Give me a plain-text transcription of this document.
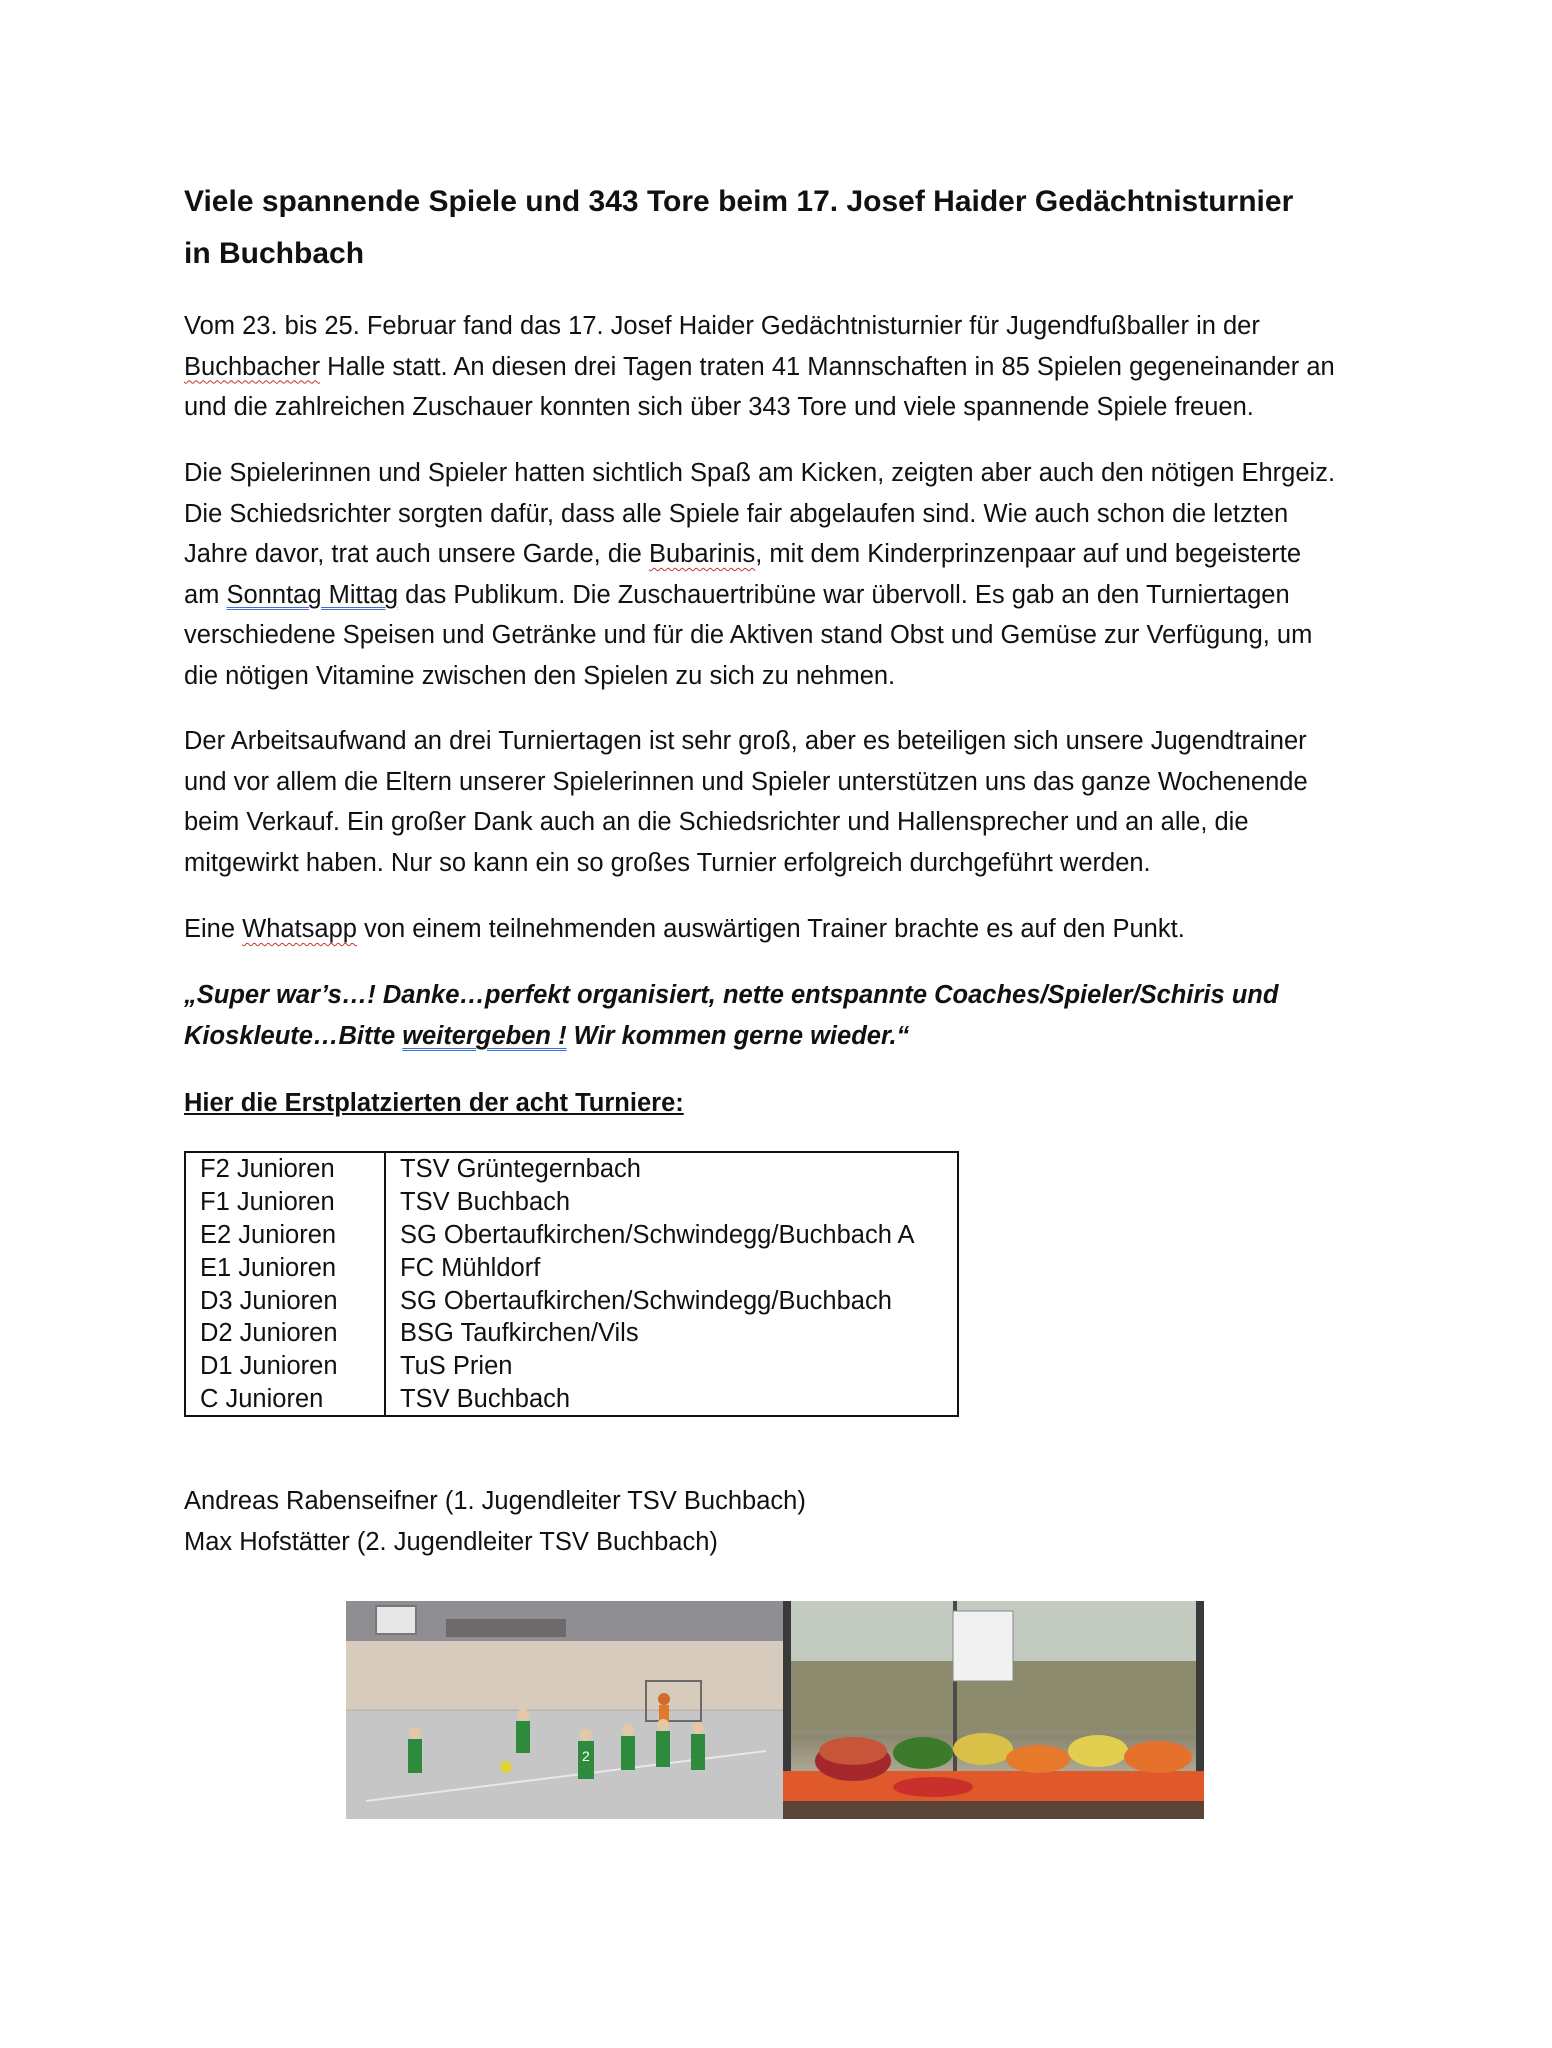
Viele spannende Spiele und 343 Tore beim 17. Josef Haider Gedächtnisturnier
in Buchbach

Vom 23. bis 25. Februar fand das 17. Josef Haider Gedächtnisturnier für Jugendfußballer in der
Buchbacher Halle statt. An diesen drei Tagen traten 41 Mannschaften in 85 Spielen gegeneinander an
und die zahlreichen Zuschauer konnten sich über 343 Tore und viele spannende Spiele freuen.

Die Spielerinnen und Spieler hatten sichtlich Spaß am Kicken, zeigten aber auch den nötigen Ehrgeiz.
Die Schiedsrichter sorgten dafür, dass alle Spiele fair abgelaufen sind. Wie auch schon die letzten
Jahre davor, trat auch unsere Garde, die Bubarinis, mit dem Kinderprinzenpaar auf und begeisterte
am Sonntag Mittag das Publikum. Die Zuschauertribüne war übervoll. Es gab an den Turniertagen
verschiedene Speisen und Getränke und für die Aktiven stand Obst und Gemüse zur Verfügung, um
die nötigen Vitamine zwischen den Spielen zu sich zu nehmen.

Der Arbeitsaufwand an drei Turniertagen ist sehr groß, aber es beteiligen sich unsere Jugendtrainer
und vor allem die Eltern unserer Spielerinnen und Spieler unterstützen uns das ganze Wochenende
beim Verkauf. Ein großer Dank auch an die Schiedsrichter und Hallensprecher und an alle, die
mitgewirkt haben. Nur so kann ein so großes Turnier erfolgreich durchgeführt werden.

Eine Whatsapp von einem teilnehmenden auswärtigen Trainer brachte es auf den Punkt.

„Super war’s…! Danke…perfekt organisiert, nette entspannte Coaches/Spieler/Schiris und
Kioskleute…Bitte weitergeben ! Wir kommen gerne wieder.“

Hier die Erstplatzierten der acht Turniere:

F2 Junioren	TSV Grüntegernbach
F1 Junioren	TSV Buchbach
E2 Junioren	SG Obertaufkirchen/Schwindegg/Buchbach A
E1 Junioren	FC Mühldorf
D3 Junioren	SG Obertaufkirchen/Schwindegg/Buchbach
D2 Junioren	BSG Taufkirchen/Vils
D1 Junioren	TuS Prien
C Junioren	TSV Buchbach

Andreas Rabenseifner (1. Jugendleiter TSV Buchbach)
Max Hofstätter (2. Jugendleiter TSV Buchbach)

2
